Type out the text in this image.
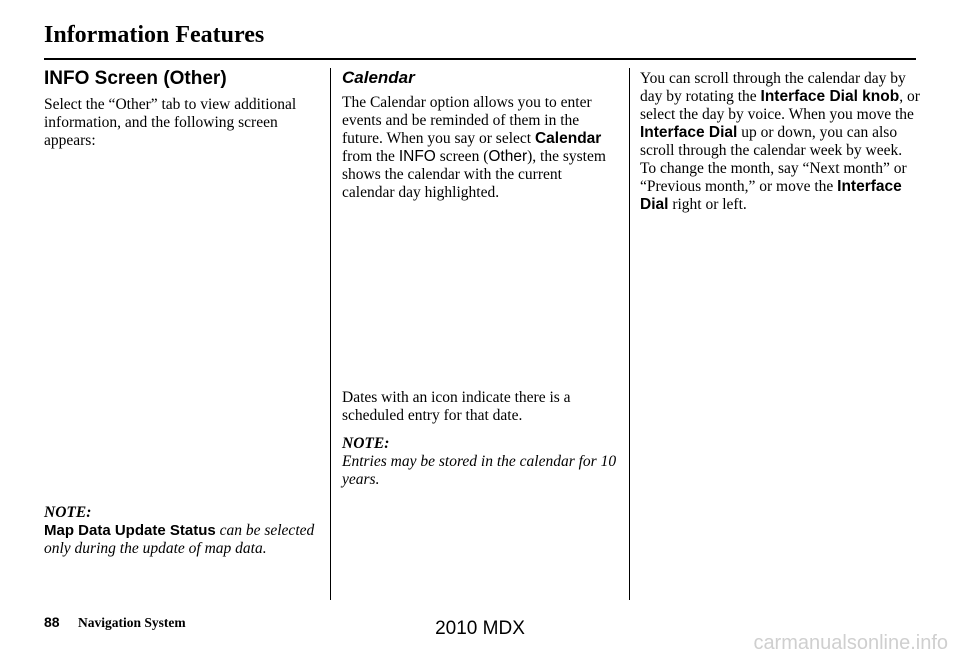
Information Features
INFO Screen (Other)

Select the “Other” tab to view additional information, and the following screen appears:

NOTE:

Map Data Update Status can be selected only during the update of map data.

Calendar

The Calendar option allows you to enter events and be reminded of them in the future. When you say or select Calendar from the INFO screen (Other), the system shows the calendar with the current calendar day highlighted.

Dates with an icon indicate there is a scheduled entry for that date.

NOTE:

Entries may be stored in the calendar for 10 years.

You can scroll through the calendar day by day by rotating the Interface Dial knob, or select the day by voice. When you move the Interface Dial up or down, you can also scroll through the calendar week by week. To change the month, say “Next month” or “Previous month,” or move the Interface Dial right or left.

88 Navigation System	2010 MDX
carmanualsonline.info
